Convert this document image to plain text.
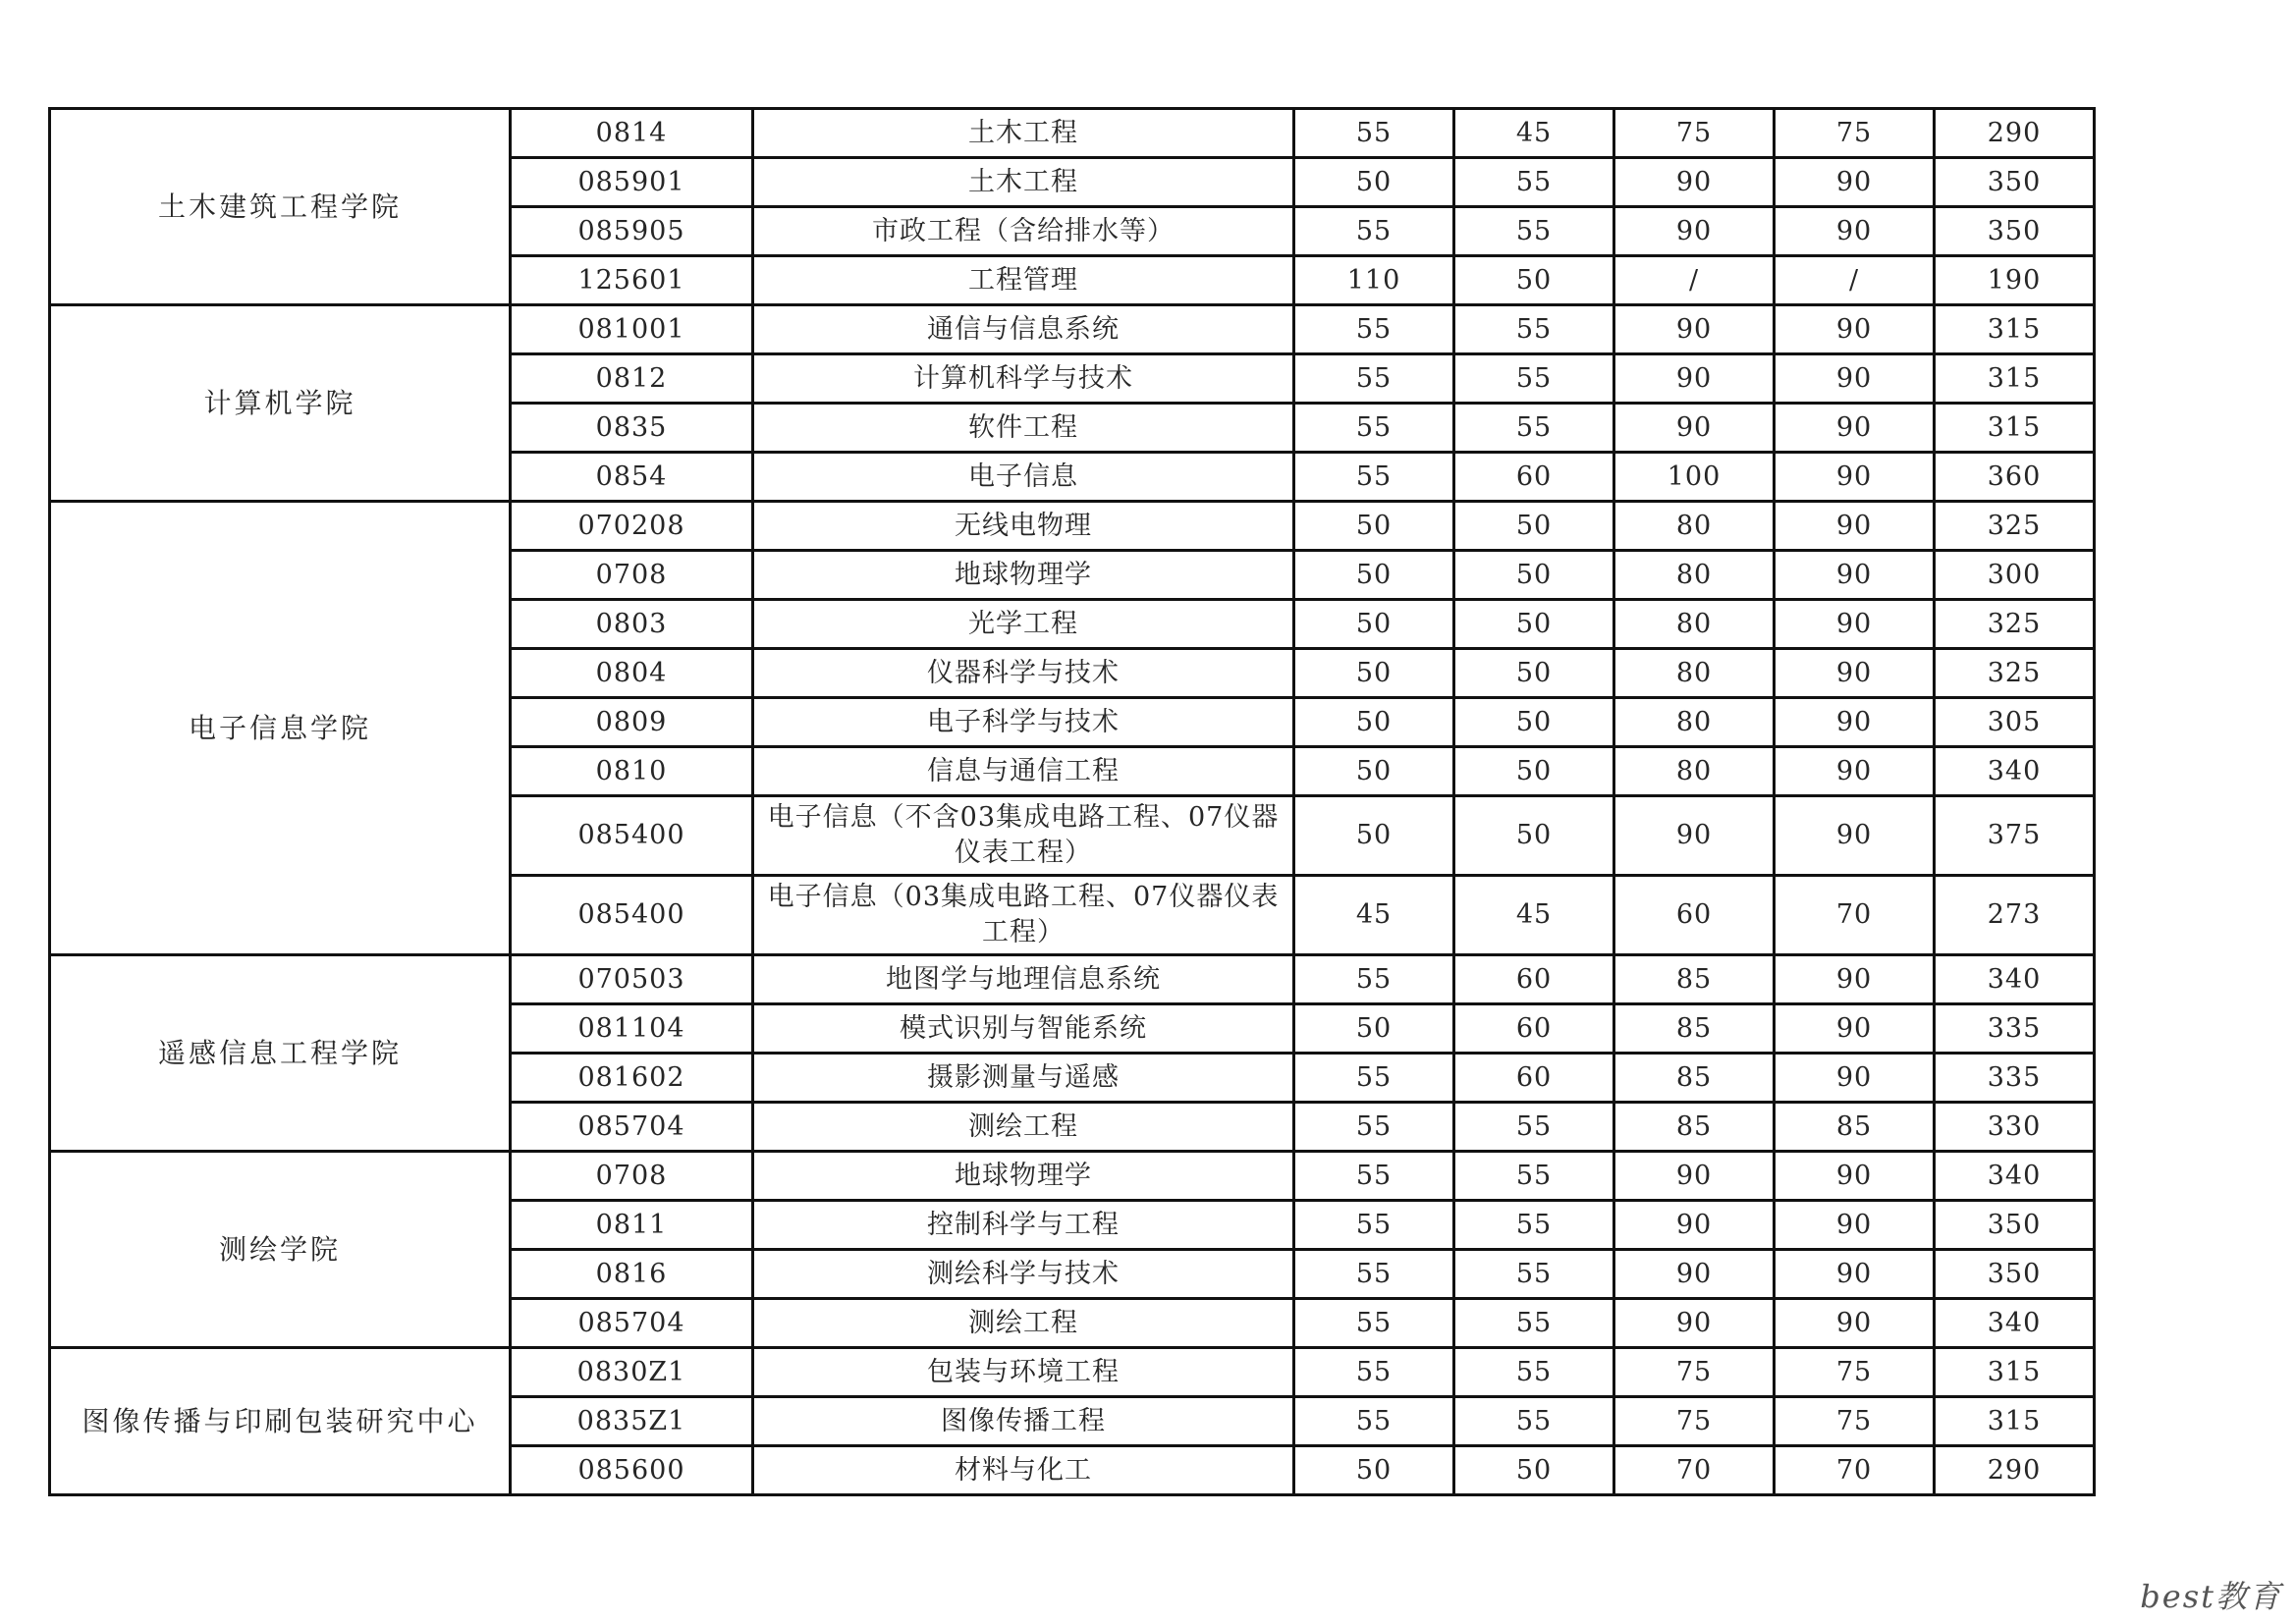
土木建筑工程学院	0814	土木工程	55	45	75	75	290
	085901	土木工程	50	55	90	90	350
	085905	市政工程（含给排水等）	55	55	90	90	350
	125601	工程管理	110	50	/	/	190
计算机学院	081001	通信与信息系统	55	55	90	90	315
	0812	计算机科学与技术	55	55	90	90	315
	0835	软件工程	55	55	90	90	315
	0854	电子信息	55	60	100	90	360
电子信息学院	070208	无线电物理	50	50	80	90	325
	0708	地球物理学	50	50	80	90	300
	0803	光学工程	50	50	80	90	325
	0804	仪器科学与技术	50	50	80	90	325
	0809	电子科学与技术	50	50	80	90	305
	0810	信息与通信工程	50	50	80	90	340
	085400	电子信息（不含03集成电路工程、07仪器仪表工程）	50	50	90	90	375
	085400	电子信息（03集成电路工程、07仪器仪表工程）	45	45	60	70	273
遥感信息工程学院	070503	地图学与地理信息系统	55	60	85	90	340
	081104	模式识别与智能系统	50	60	85	90	335
	081602	摄影测量与遥感	55	60	85	90	335
	085704	测绘工程	55	55	85	85	330
测绘学院	0708	地球物理学	55	55	90	90	340
	0811	控制科学与工程	55	55	90	90	350
	0816	测绘科学与技术	55	55	90	90	350
	085704	测绘工程	55	55	90	90	340
图像传播与印刷包装研究中心	0830Z1	包装与环境工程	55	55	75	75	315
	0835Z1	图像传播工程	55	55	75	75	315
	085600	材料与化工	50	50	70	70	290
best教育
